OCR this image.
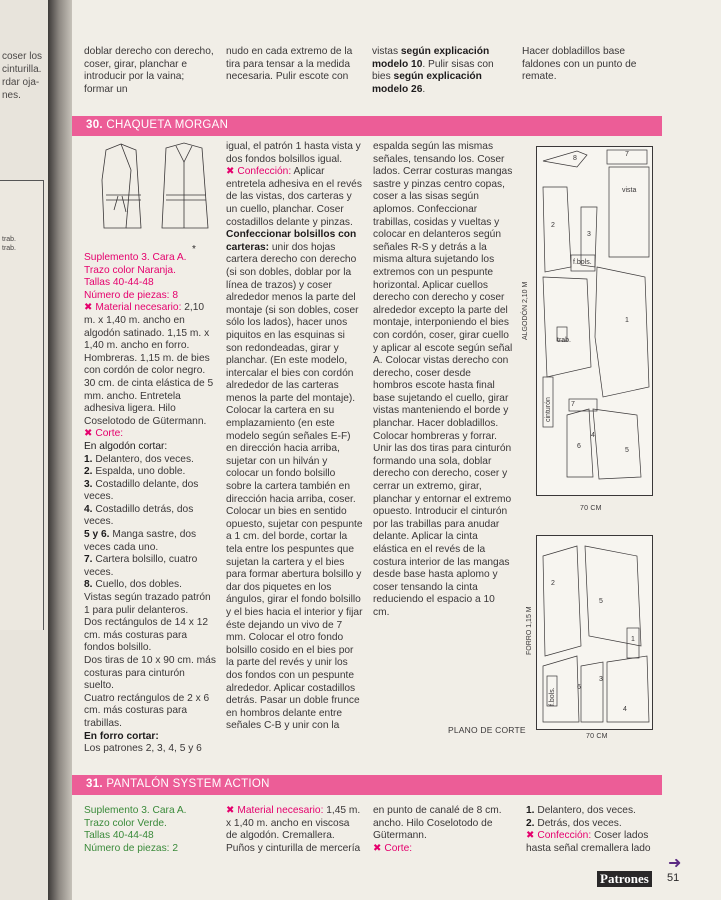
coser los
cinturilla.
rdar oja-
nes.
trab.
trab.
doblar derecho con derecho, coser, girar, planchar e introducir por la vaina; formar un
nudo en cada extremo de la tira para tensar a la medida necesaria. Pulir escote con
vistas según explicación modelo 10. Pulir sisas con bies según explicación modelo 26.
Hacer dobladillos base faldones con un punto de remate.
30. CHAQUETA MORGAN
*

Suplemento 3. Cara A.

Trazo color Naranja.

Tallas 40-44-48

Número de piezas: 8

✖ Material necesario: 2,10 m. x 1,40 m. ancho en algodón satinado. 1,15 m. x 1,40 m. ancho en forro. Hombreras. 1,15 m. de bies con cordón de color negro. 30 cm. de cinta elástica de 5 mm. ancho. Entretela adhesiva ligera. Hilo Coselotodo de Gütermann.

✖ Corte:

En algodón cortar:

1. Delantero, dos veces.

2. Espalda, uno doble.

3. Costadillo delante, dos veces.

4. Costadillo detrás, dos veces.

5 y 6. Manga sastre, dos veces cada uno.

7. Cartera bolsillo, cuatro veces.

8. Cuello, dos dobles.

Vistas según trazado patrón 1 para pulir delanteros.

Dos rectángulos de 14 x 12 cm. más costuras para fondos bolsillo.

Dos tiras de 10 x 90 cm. más costuras para cinturón suelto.

Cuatro rectángulos de 2 x 6 cm. más costuras para trabillas.

En forro cortar:

Los patrones 2, 3, 4, 5 y 6

igual, el patrón 1 hasta vista y dos fondos bolsillos igual.

✖ Confección: Aplicar entretela adhesiva en el revés de las vistas, dos carteras y un cuello, planchar. Coser costadillos delante y pinzas.

Confeccionar bolsillos con carteras: unir dos hojas cartera derecho con derecho (si son dobles, doblar por la línea de trazos) y coser alrededor menos la parte del montaje (si son dobles, coser sólo los lados), hacer unos piquitos en las esquinas si son redondeadas, girar y planchar. (En este modelo, intercalar el bies con cordón alrededor de las carteras menos la parte del montaje). Colocar la cartera en su emplazamiento (en este modelo según señales E-F) en dirección hacia arriba, sujetar con un hilván y colocar un fondo bolsillo sobre la cartera también en dirección hacia arriba, coser. Colocar un bies en sentido opuesto, sujetar con pespunte a 1 cm. del borde, cortar la tela entre los pespuntes que sujetan la cartera y el bies para formar abertura bolsillo y dar dos piquetes en los ángulos, girar el fondo bolsillo y el bies hacia el interior y fijar éste dejando un vivo de 7 mm. Colocar el otro fondo bolsillo cosido en el bies por la parte del revés y unir los dos fondos con un pespunte alrededor. Aplicar costadillos detrás. Pasar un doble frunce en hombros delante entre señales C-B y unir con la

espalda según las mismas señales, tensando los. Coser lados. Cerrar costuras mangas sastre y pinzas centro copas, coser a las sisas según aplomos. Confeccionar trabillas, cosidas y vueltas y colocar en delanteros según señales R-S y detrás a la misma altura sujetando los extremos con un pespunte horizontal. Aplicar cuellos derecho con derecho y coser alrededor excepto la parte del montaje, interponiendo el bies con cordón, coser, girar cuello y aplicar al escote según señal A. Colocar vistas derecho con derecho, coser desde hombros escote hasta final base sujetando el cuello, girar vistas manteniendo el borde y planchar. Hacer dobladillos. Colocar hombreras y forrar. Unir las dos tiras para cinturón formando una sola, doblar derecho con derecho, coser y cerrar un extremo, girar, planchar y entornar el extremo opuesto. Introducir el cinturón por las trabillas para anudar delante. Aplicar la cinta elástica en el revés de la costura interior de las mangas desde base hasta aplomo y coser tensando la cinta reduciendo el espacio a 10 cm.
8
7
vista
2
3
f.bols.
1
trab.
cinturón	7
6
4
5
ALGODÓN 2,10 M
70 CM
2
5
1
6
3
4
f.bols.
FORRO 1,15 M
PLANO DE CORTE
70 CM
31. PANTALÓN SYSTEM ACTION

Suplemento 3. Cara A.

Trazo color Verde.

Tallas 40-44-48

Número de piezas: 2

✖ Material necesario: 1,45 m. x 1,40 m. ancho en viscosa de algodón. Cremallera. Puños y cinturilla de mercería

en punto de canalé de 8 cm. ancho. Hilo Coselotodo de Gütermann.

✖ Corte:

1. Delantero, dos veces.

2. Detrás, dos veces.

✖ Confección: Coser lados hasta señal cremallera lado

➜
Patrones 51
